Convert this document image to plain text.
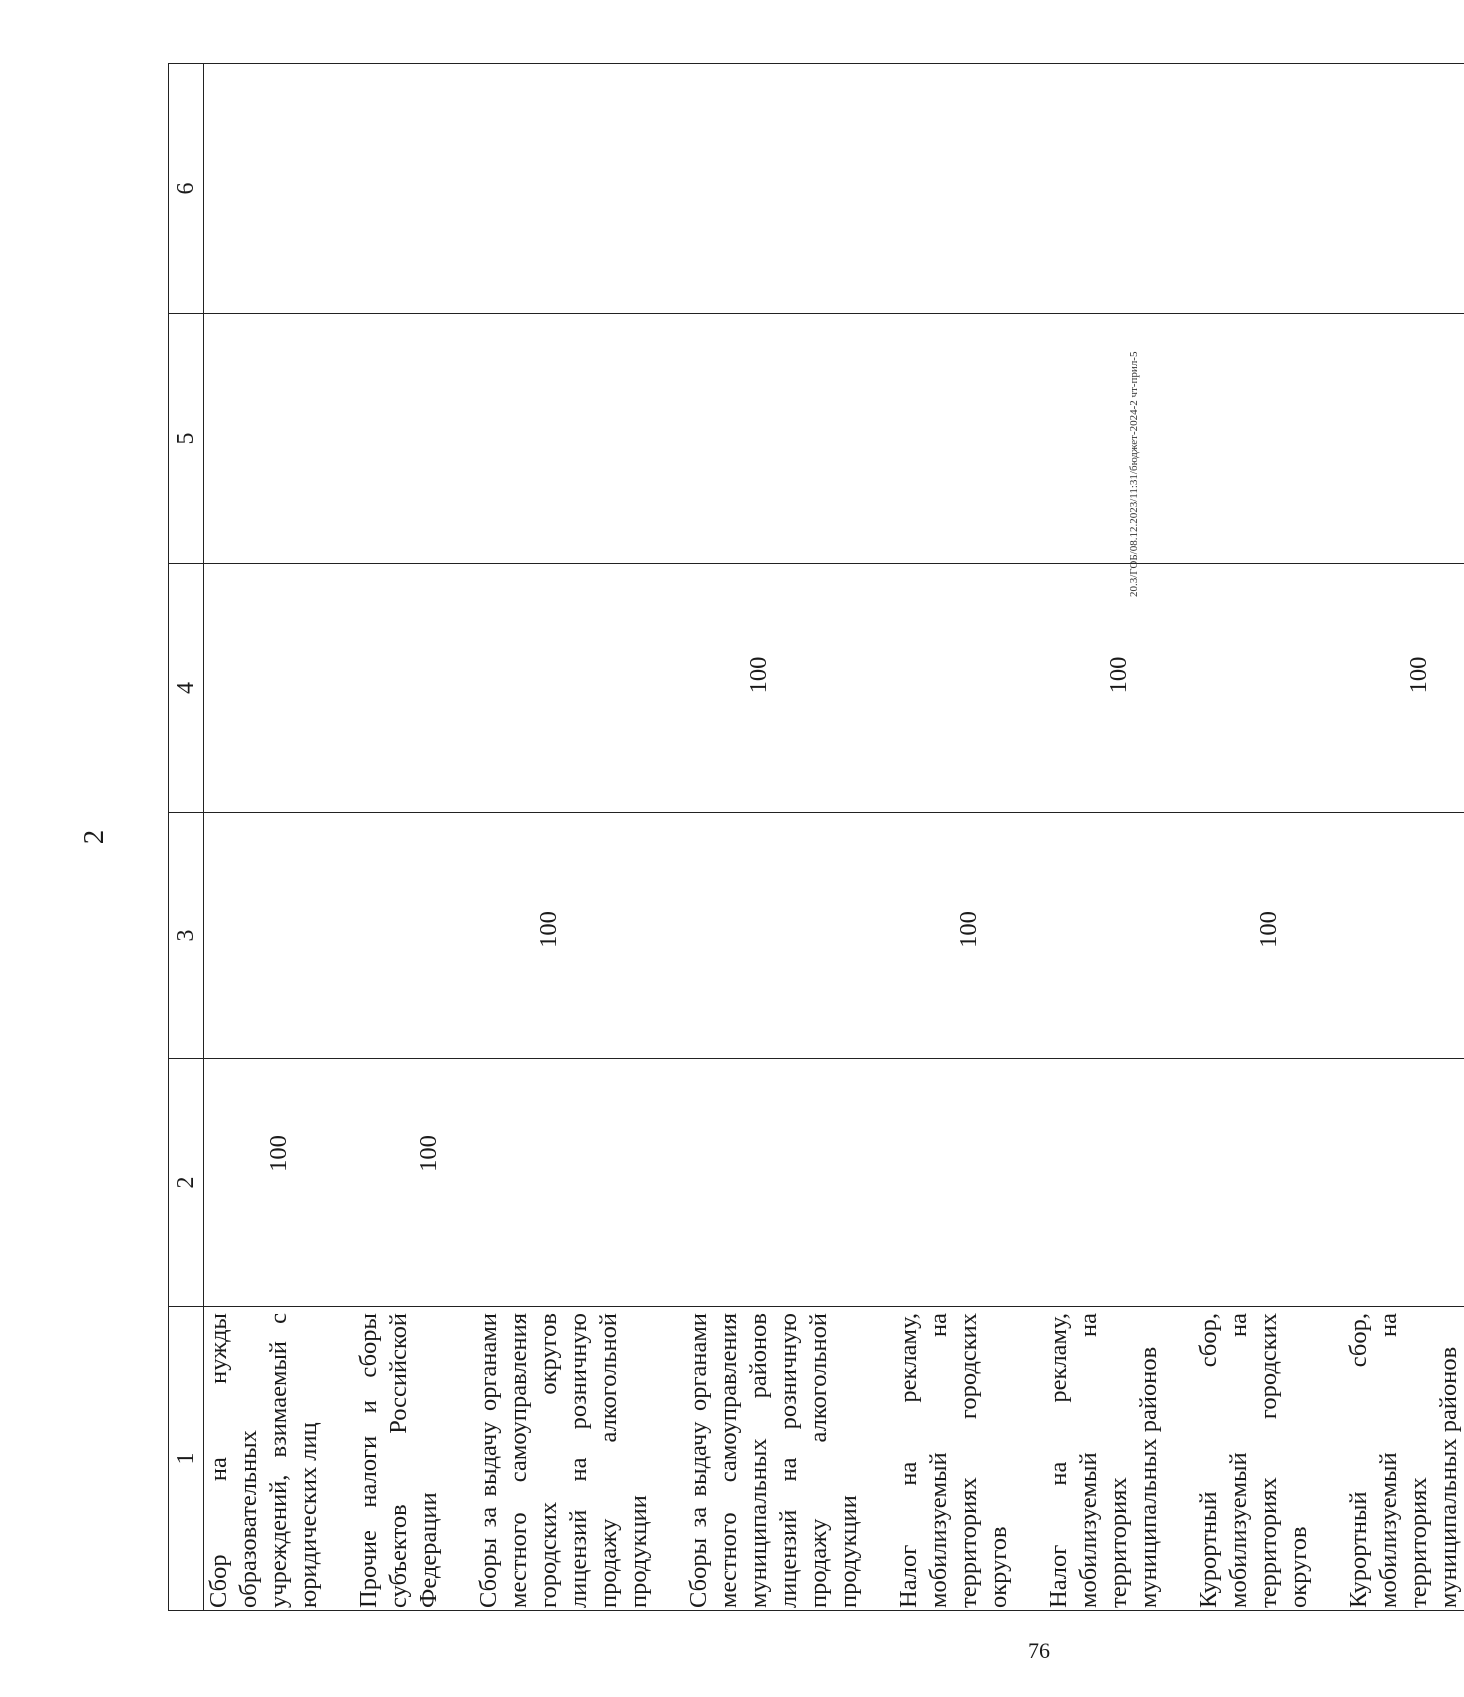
2
1	2	3	4	5	6
Сбор на нужды образовательных учреждений, взимаемый с юридических лиц	100				

Прочие налоги и сборы субъектов Российской Федерации	100				

Сборы за выдачу органами местного самоуправления городских округов лицензий на розничную продажу алкогольной продукции		100			

Сборы за выдачу органами местного самоуправления муниципальных районов лицензий на розничную продажу алкогольной продукции			100		

Налог на рекламу, мобилизуемый на территориях городских округов		100			

Налог на рекламу, мобилизуемый на территориях муниципальных районов			100		

Курортный сбор, мобилизуемый на территориях городских округов		100			

Курортный сбор, мобилизуемый на территориях муниципальных районов			100		

20.3/ГОБ/08.12.2023/11:31/бюджет-2024-2 чт-прил-5
76
